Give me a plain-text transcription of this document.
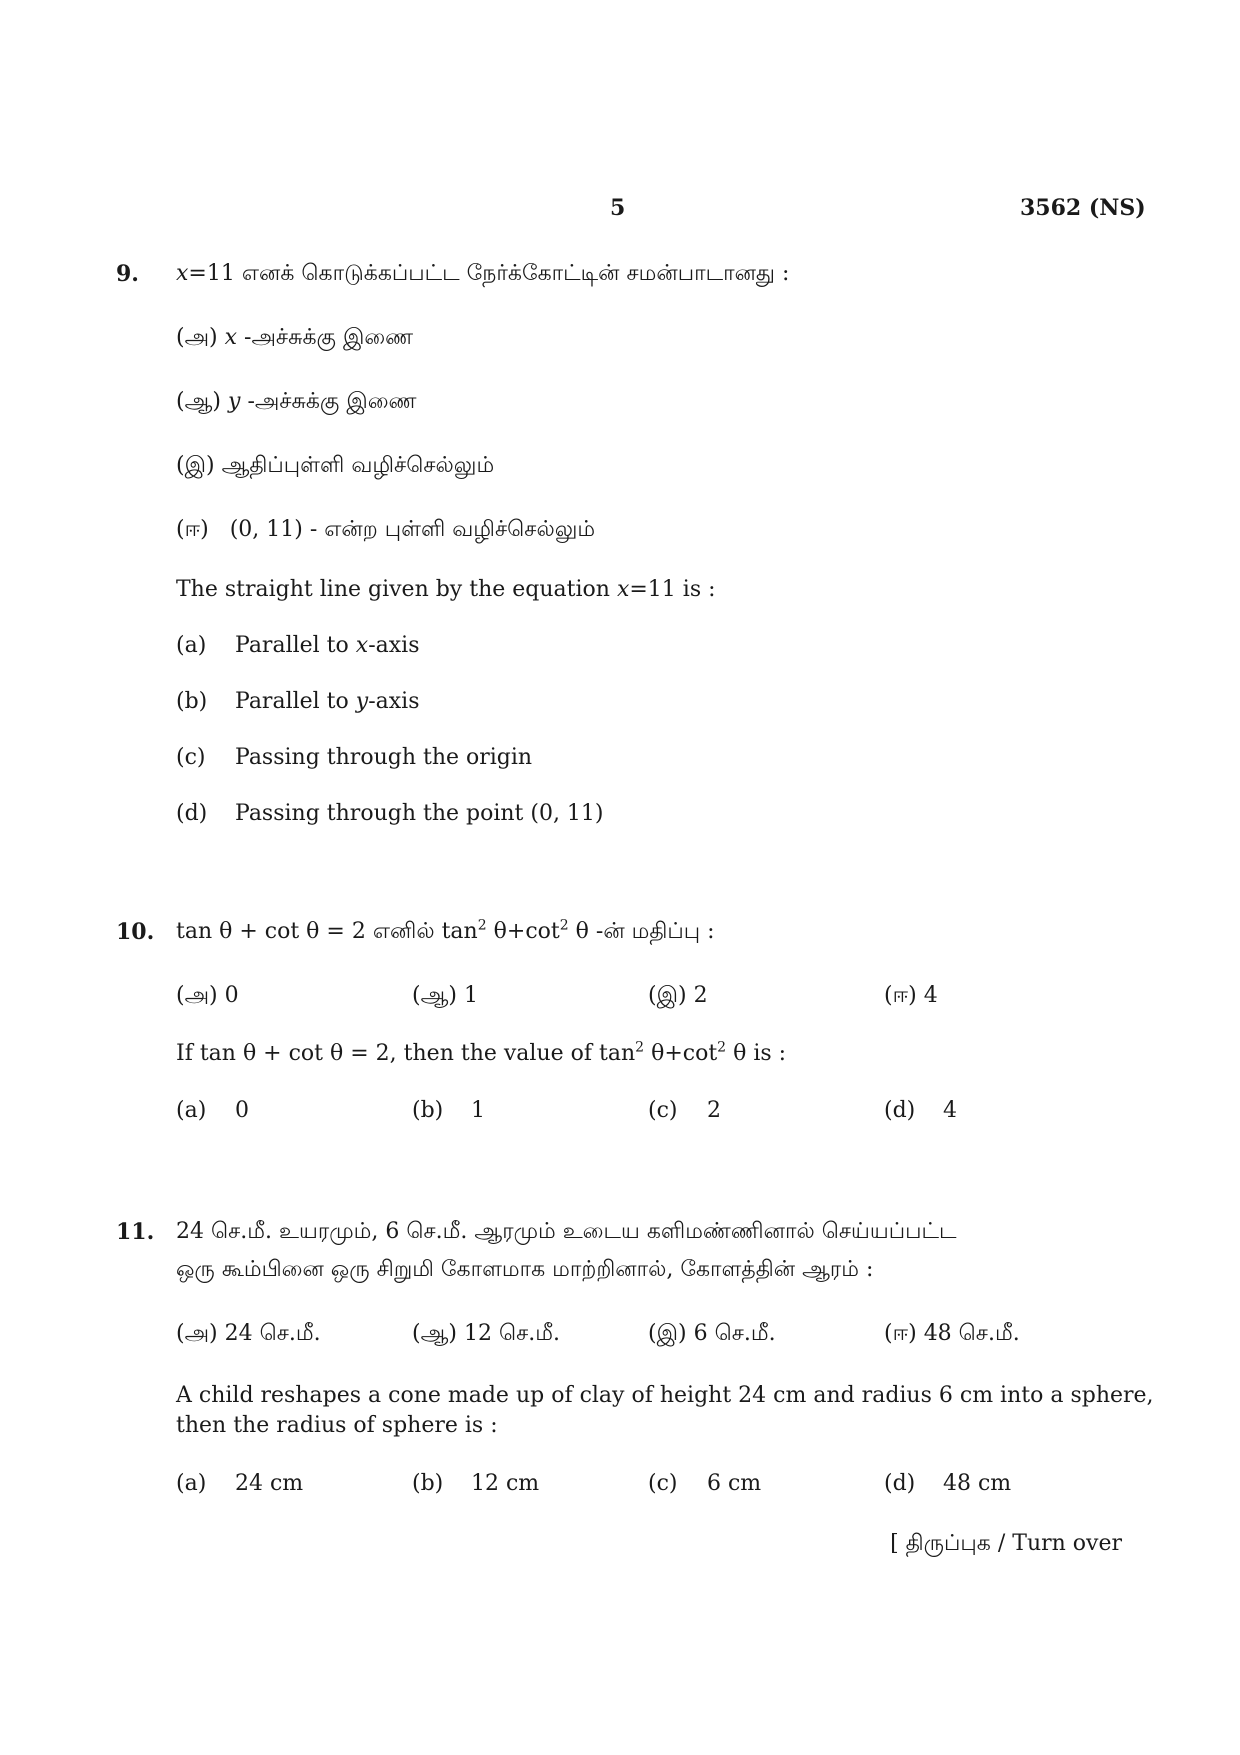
5	3562 (NS)
9. x=11 எனக் கொடுக்கப்பட்ட நேர்க்கோட்டின் சமன்பாடானது :
(அ) x -அச்சுக்கு இணை
(ஆ) y -அச்சுக்கு இணை
(இ) ஆதிப்புள்ளி வழிச்செல்லும்
(ஈ) (0, 11) - என்ற புள்ளி வழிச்செல்லும்
The straight line given by the equation x=11 is :
(a) Parallel to x-axis
(b) Parallel to y-axis
(c) Passing through the origin
(d) Passing through the point (0, 11)
10. tan θ + cot θ = 2 எனில் $\tan^2 \theta+\cot^2$ θ -ன் மதிப்பு :
(அ) 0	(ஆ) 1	(இ) 2	(ஈ) 4
If tan θ + cot θ = 2, then the value of $\tan^2 \theta+\cot^2$ θ is :
(a) 0	(b) 1	(c) 2	(d) 4
11. 24 செ.மீ. உயரமும், 6 செ.மீ. ஆரமும் உடைய களிமண்ணினால் செய்யப்பட்ட
ஒரு கூம்பினை ஒரு சிறுமி கோளமாக மாற்றினால், கோளத்தின் ஆரம் :
(அ) 24 செ.மீ.	(ஆ) 12 செ.மீ.	(இ) 6 செ.மீ.	(ஈ) 48 செ.மீ.
A child reshapes a cone made up of clay of height 24 cm and radius 6 cm into a sphere,
then the radius of sphere is :
(a) 24 cm	(b) 12 cm	(c) 6 cm	(d) 48 cm
[ திருப்புக / Turn over
